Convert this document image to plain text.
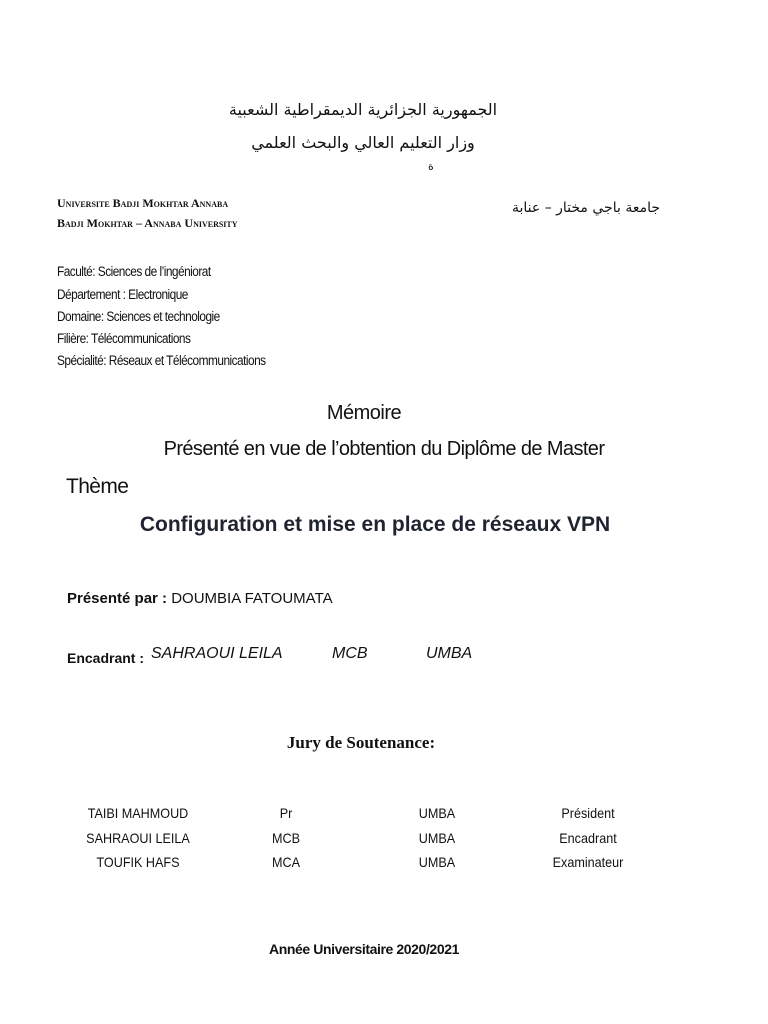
الجمهورية الجزائرية الديمقراطية الشعبية
وزار التعليم العالي والبحث العلمي
ة
Universite Badji Mokhtar Annaba
Badji Mokhtar – Annaba University
جامعة باجي مختار – عنابة
Faculté: Sciences de l’ingéniorat
Département : Electronique
Domaine: Sciences et technologie
Filière: Télécommunications
Spécialité: Réseaux et Télécommunications
Mémoire
Présenté en vue de l’obtention du Diplôme de Master
Thème
Configuration et mise en place de réseaux VPN
Présenté par : DOUMBIA FATOUMATA
Encadrant : SAHRAOUI LEILA	MCB	UMBA
Jury de Soutenance:
TAIBI MAHMOUD	Pr	UMBA	Président
SAHRAOUI LEILA	MCB	UMBA	Encadrant
TOUFIK HAFS	MCA	UMBA	Examinateur
Année Universitaire 2020/2021
